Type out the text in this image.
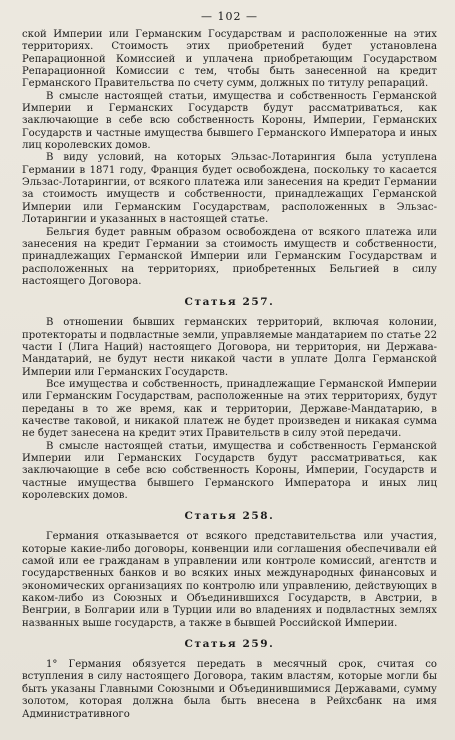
— 102 —

ской Империи или Германским Государствам и расположенные на этих территориях. Стоимость этих приобретений будет установлена Репарационной Комиссией и уплачена приобретающим Государством Репарационной Комиссии с тем, чтобы быть занесенной на кредит Германского Правительства по счету сумм, должных по титулу репараций.

В смысле настоящей статьи, имущества и собственность Германской Империи и Германских Государств будут рассматриваться, как заключающие в себе всю собственность Короны, Империи, Германских Государств и частные имущества бывшего Германского Императора и иных лиц королевских домов.

В виду условий, на которых Эльзас-Лотарингия была уступлена Германии в 1871 году, Франция будет освобождена, поскольку то касается Эльзас-Лотарингии, от всякого платежа или занесения на кредит Германии за стоимость имуществ и собственности, принадлежащих Германской Империи или Германским Государствам, расположенных в Эльзас-Лотарингии и указанных в настоящей статье.

Бельгия будет равным образом освобождена от всякого платежа или занесения на кредит Германии за стоимость имуществ и собственности, принадлежащих Германской Империи или Германским Государствам и расположенных на территориях, приобретенных Бельгией в силу настоящего Договора.

Статья 257.

В отношении бывших германских территорий, включая колонии, протектораты и подвластные земли, управляемые мандатарием по статье 22 части I (Лига Наций) настоящего Договора, ни территория, ни Держава-Мандатарий, не будут нести никакой части в уплате Долга Германской Империи или Германских Государств.

Все имущества и собственность, принадлежащие Германской Империи или Германским Государствам, расположенные на этих территориях, будут переданы в то же время, как и территории, Державе-Мандатарию, в качестве таковой, и никакой платеж не будет произведен и никакая сумма не будет занесена на кредит этих Правительств в силу этой передачи.

В смысле настоящей статьи, имущества и собственность Германской Империи или Германских Государств будут рассматриваться, как заключающие в себе всю собственность Короны, Империи, Государств и частные имущества бывшего Германского Императора и иных лиц королевских домов.

Статья 258.

Германия отказывается от всякого представительства или участия, которые какие-либо договоры, конвенции или соглашения обеспечивали ей самой или ее гражданам в управлении или контроле комиссий, агентств и государственных банков и во всяких иных международных финансовых и экономических организациях по контролю или управлению, действующих в каком-либо из Союзных и Объединившихся Государств, в Австрии, в Венгрии, в Болгарии или в Турции или во владениях и подвластных землях названных выше государств, а также в бывшей Российской Империи.

Статья 259.

1° Германия обязуется передать в месячный срок, считая со вступления в силу настоящего Договора, таким властям, которые могли бы быть указаны Главными Союзными и Объединившимися Державами, сумму золотом, которая должна была быть внесена в Рейхсбанк на имя Административного
